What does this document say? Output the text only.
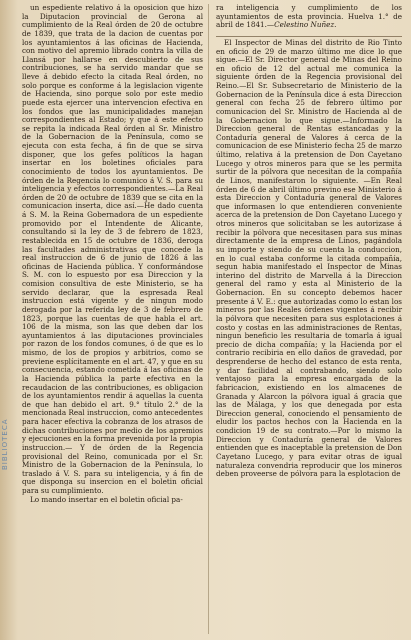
BIBLIOTECA

un espediente relativo á la oposicion que hizo la Diputacion provincial de Gerona al cumplimiento de la Real órden de 20 de octubre de 1839, que trata de la dacion de cuentas por los ayuntamientos á las oficinas de Hacienda, con motivo del apremio librado contra la villa de Llansá por hallarse en descubierto de sus contribuciones, se ha servido mandar que se lleve á debido efecto la citada Real órden, no solo porque es conforme á la legislacion vigente de Hacienda, sino porque solo por este medio puede esta ejercer una intervencion efectiva en los fondos que las municipalidades manejan correspondientes al Estado; y que á este efecto se repita la indicada Real órden al Sr. Ministro de la Gobernacion de la Península, como se ejecuta con esta fecha, á fin de que se sirva disponer, que los gefes políticos la hagan insertar en los boletines oficiales para conocimiento de todos los ayuntamientos. De órden de la Regencia lo comunico á V. S. para su inteligencia y efectos correspondientes.—La Real órden de 20 de octubre de 1839 que se cita en la comunicacion inserta, dice así.—He dado cuenta á S. M. la Reina Gobernadora de un espediente promovido por el Intendente de Alicante, consultando si la ley de 3 de febrero de 1823, restablecida en 15 de octubre de 1836, deroga las facultades administrativas que concede la real instruccion de 6 de junio de 1826 á las oficinas de Hacienda pública. Y conformándose S. M. con lo espuesto por esa Direccion y la comision consultiva de este Ministerio, se ha servido declarar, que la espresada Real instruccion está vigente y de ningun modo derogada por la referida ley de 3 de febrero de 1823, porque las cuentas de que habla el art. 106 de la misma, son las que deben dar los ayuntamientos á las diputaciones provinciales por razon de los fondos comunes, ó de que es lo mismo, de los de propios y arbitrios, como se previene esplícitamente en el art. 47, y que en su consecuencia, estando cometida á las oficinas de la Hacienda pública la parte efectiva en la recaudacion de las contribuciones, es obligacion de los ayuntamientos rendir á aquellas la cuenta de que han debido el art. 9.° título 2.° de la mencionada Real instruccion, como antecedentes para hacer efectiva la cobranza de los atrasos de dichas contribuciones por medio de los apremios y ejecuciones en la forma prevenida por la propia instruccion.— Y de órden de la Regencia provisional del Reino, comunicada por el Sr. Ministro de la Gobernacion de la Península, lo traslado á V. S. para su inteligencia, y á fin de que disponga su insercion en el boletin oficial para su cumplimiento.

Lo mando insertar en el boletin oficial pa-

ra inteligencia y cumplimiento de los ayuntamientos de esta provincia. Huelva 1.° de abril de 1841.—Celestino Nuñez.

El Inspector de Minas del distrito de Rio Tinto en oficio de 29 de marzo último me dice lo que sigue.—El Sr. Director general de Minas del Reino en oficio de 12 del actual me comunica la siguiente órden de la Regencia provisional del Reino.—El Sr. Subsecretario de Ministerio de la Gobernacion de la Península dice á esta Direccion general con fecha 25 de febrero último por comunicacion del Sr. Ministro de Hacienda al de la Gobernacion lo que sigue.—Informado la Direccion general de Rentas estancadas y la Contaduría general de Valores á cerca de la comunicacion de ese Ministerio fecha 25 de marzo último, relativa á la pretension de Don Cayetano Lucego y otros mineros para que se les permita surtir de la pólvora que necesitan de la compañía de Linos, manifestaron lo siguiente. —En Real órden de 6 de abril último previno ese Ministerio á esta Direccion y Contaduría general de Valores que informasen lo que entendieren conveniente acerca de la pretension de Don Cayetano Lucego y otros mineros que solicitaban se les autorizase á recibir la pólvora que necesitasen para sus minas directamente de la empresa de Linos, pagándola su importe y siendo de su cuenta la conduccion, en lo cual estaba conforme la citada compañía, segun habia manifestado el Inspector de Minas interino del distrito de Marvella á la Direccion general del ramo y esta al Ministerio de la Gobernacion. En su concepto debemos hacer presente á V. E.: que autorizadas como lo estan los mineros por las Reales órdenes vigentes á recibir la pólvora que necesiten para sus esplotaciones á costo y costas en las administraciones de Rentas, ningun beneficio les resultaria de tomarla á igual precio de dicha compañía; y la Hacienda por el contrario recibiria en ello daños de gravedad, por desprenderse de hecho del estanco de esta renta, y dar facilidad al contrabando, siendo solo ventajoso para la empresa encargada de la fabricacion, existiendo en los almacenes de Granada y Alarcon la pólvora igual á gracia que las de Málaga, y los que denegada por esta Direccion general, conociendo el pensamiento de eludir los pactos hechos con la Hacienda en la condicion 19 de su contrato.—Por lo mismo la Direccion y Contaduría general de Valores entienden que es inaceptable la pretension de Don Cayetano Lucego, y para evitar otras de igual naturaleza convendria reproducir que los mineros deben proveerse de pólvora para la esplotacion de
